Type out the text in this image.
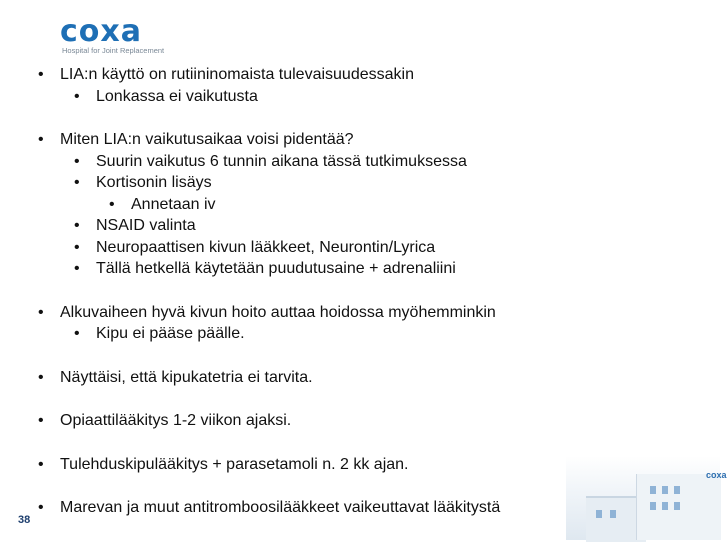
coxa
Hospital for Joint Replacement
•	LIA:n käyttö on rutiininomaista tulevaisuudessakin
•	Lonkassa ei vaikutusta
•	Miten LIA:n vaikutusaikaa voisi pidentää?
•	Suurin vaikutus 6 tunnin aikana tässä tutkimuksessa
•	Kortisonin lisäys
•	Annetaan iv
•	NSAID valinta
•	Neuropaattisen kivun lääkkeet, Neurontin/Lyrica
•	Tällä hetkellä käytetään puudutusaine + adrenaliini
•	Alkuvaiheen hyvä kivun hoito auttaa hoidossa myöhemminkin
•	Kipu ei pääse päälle.
•	Näyttäisi, että kipukatetria ei tarvita.
•	Opiaattilääkitys 1-2 viikon ajaksi.
•	Tulehduskipulääkitys + parasetamoli n. 2 kk ajan.
•	Marevan ja muut antitromboosilääkkeet vaikeuttavat lääkitystä
38
coxa
